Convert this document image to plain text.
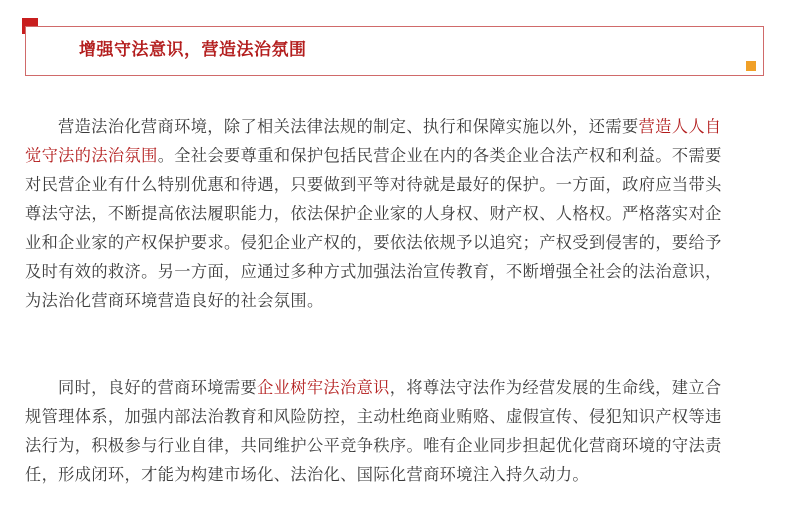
增强守法意识，营造法治氛围
营造法治化营商环境，除了相关法律法规的制定、执行和保障实施以外，还需要营造人人自
觉守法的法治氛围。全社会要尊重和保护包括民营企业在内的各类企业合法产权和利益。不需要
对民营企业有什么特别优惠和待遇，只要做到平等对待就是最好的保护。一方面，政府应当带头
尊法守法，不断提高依法履职能力，依法保护企业家的人身权、财产权、人格权。严格落实对企
业和企业家的产权保护要求。侵犯企业产权的，要依法依规予以追究；产权受到侵害的，要给予
及时有效的救济。另一方面，应通过多种方式加强法治宣传教育，不断增强全社会的法治意识，
为法治化营商环境营造良好的社会氛围。
同时，良好的营商环境需要企业树牢法治意识，将尊法守法作为经营发展的生命线，建立合
规管理体系，加强内部法治教育和风险防控，主动杜绝商业贿赂、虚假宣传、侵犯知识产权等违
法行为，积极参与行业自律，共同维护公平竞争秩序。唯有企业同步担起优化营商环境的守法责
任，形成闭环，才能为构建市场化、法治化、国际化营商环境注入持久动力。
